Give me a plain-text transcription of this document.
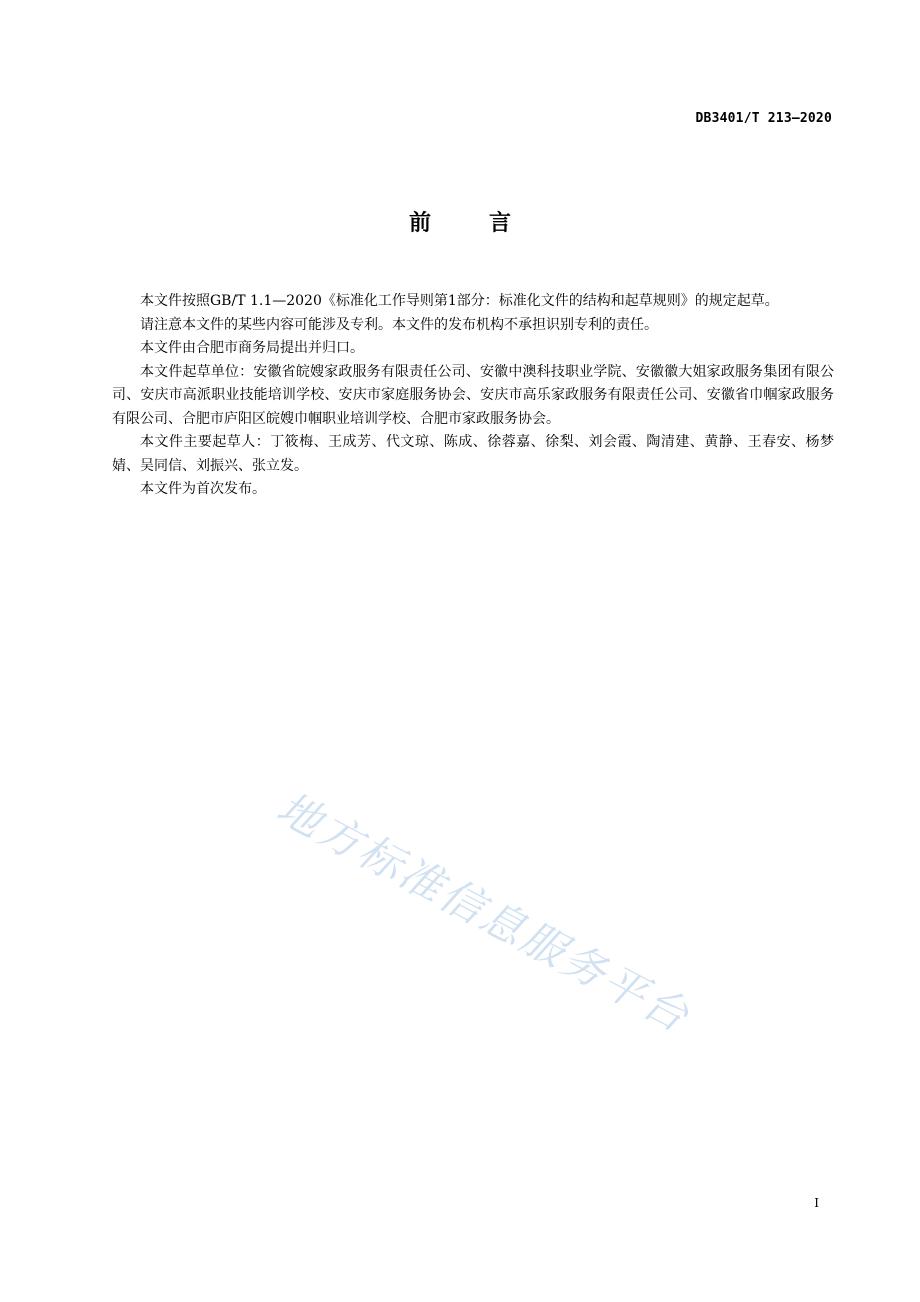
DB3401/T 213—2020
前　言

本文件按照GB/T 1.1—2020《标准化工作导则第1部分：标准化文件的结构和起草规则》的规定起草。

请注意本文件的某些内容可能涉及专利。本文件的发布机构不承担识别专利的责任。

本文件由合肥市商务局提出并归口。

本文件起草单位：安徽省皖嫂家政服务有限责任公司、安徽中澳科技职业学院、安徽徽大姐家政服务集团有限公司、安庆市高派职业技能培训学校、安庆市家庭服务协会、安庆市高乐家政服务有限责任公司、安徽省巾帼家政服务有限公司、合肥市庐阳区皖嫂巾帼职业培训学校、合肥市家政服务协会。

本文件主要起草人：丁筱梅、王成芳、代文琼、陈成、徐蓉嘉、徐梨、刘会霞、陶清建、黄静、王春安、杨梦婧、吴同信、刘振兴、张立发。

本文件为首次发布。

地方标准信息服务平台
I
